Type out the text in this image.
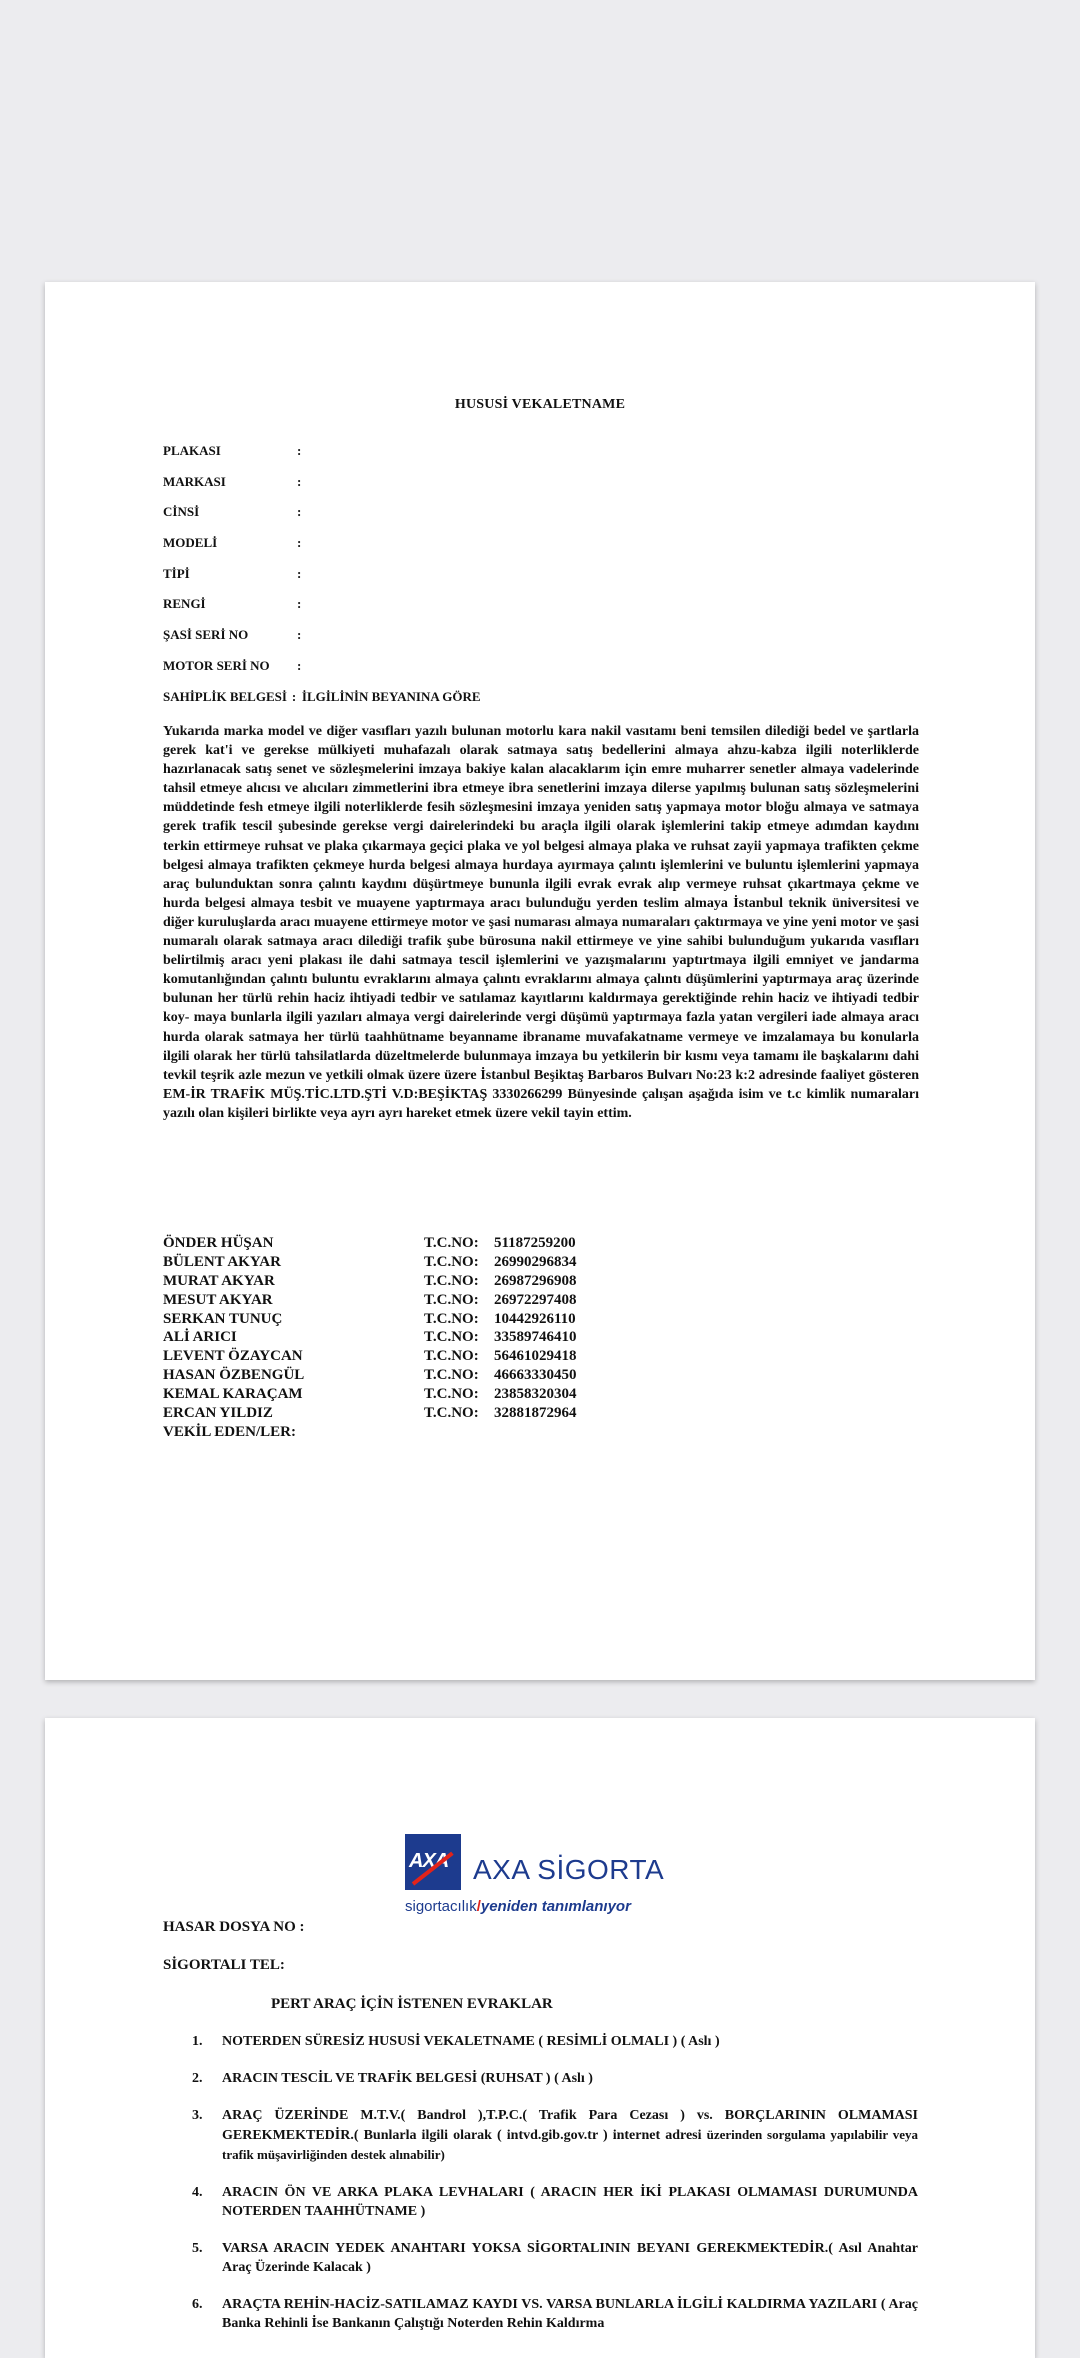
HUSUSİ VEKALETNAME
PLAKASI	:
MARKASI	:
CİNSİ	:
MODELİ	:
TİPİ	:
RENGİ	:
ŞASİ SERİ NO	:
MOTOR SERİ NO	:
SAHİPLİK BELGESİ : İLGİLİNİN BEYANINA GÖRE
Yukarıda marka model ve diğer vasıfları yazılı bulunan motorlu kara nakil vasıtamı beni temsilen dilediği bedel ve şartlarla gerek kat'i ve gerekse mülkiyeti muhafazalı olarak satmaya satış bedellerini almaya ahzu-kabza ilgili noterliklerde hazırlanacak satış senet ve sözleşmelerini imzaya bakiye kalan alacaklarım için emre muharrer senetler almaya vadelerinde tahsil etmeye alıcısı ve alıcıları zimmetlerini ibra etmeye ibra senetlerini imzaya dilerse yapılmış bulunan satış sözleşmelerini müddetinde fesh etmeye ilgili noterliklerde fesih sözleşmesini imzaya yeniden satış yapmaya motor bloğu almaya ve satmaya gerek trafik tescil şubesinde gerekse vergi dairelerindeki bu araçla ilgili olarak işlemlerini takip etmeye adımdan kaydını terkin ettirmeye ruhsat ve plaka çıkarmaya geçici plaka ve yol belgesi almaya plaka ve ruhsat zayii yapmaya trafikten çekme belgesi almaya trafikten çekmeye hurda belgesi almaya hurdaya ayırmaya çalıntı işlemlerini ve buluntu işlemlerini yapmaya araç bulunduktan sonra çalıntı kaydını düşürtmeye bununla ilgili evrak evrak alıp vermeye ruhsat çıkartmaya çekme ve hurda belgesi almaya tesbit ve muayene yaptırmaya aracı bulunduğu yerden teslim almaya İstanbul teknik üniversitesi ve diğer kuruluşlarda aracı muayene ettirmeye motor ve şasi numarası almaya numaraları çaktırmaya ve yine yeni motor ve şasi numaralı olarak satmaya aracı dilediği trafik şube bürosuna nakil ettirmeye ve yine sahibi bulunduğum yukarıda vasıfları belirtilmiş aracı yeni plakası ile dahi satmaya tescil işlemlerini ve yazışmalarını yaptırtmaya ilgili emniyet ve jandarma komutanlığından çalıntı buluntu evraklarını almaya çalıntı evraklarını almaya çalıntı düşümlerini yaptırmaya araç üzerinde bulunan her türlü rehin haciz ihtiyadi tedbir ve satılamaz kayıtlarını kaldırmaya gerektiğinde rehin haciz ve ihtiyadi tedbir koy- maya bunlarla ilgili yazıları almaya vergi dairelerinde vergi düşümü yaptırmaya fazla yatan vergileri iade almaya aracı hurda olarak satmaya her türlü taahhütname beyanname ibraname muvafakatname vermeye ve imzalamaya bu konularla ilgili olarak her türlü tahsilatlarda düzeltmelerde bulunmaya imzaya bu yetkilerin bir kısmı veya tamamı ile başkalarını dahi tevkil teşrik azle mezun ve yetkili olmak üzere üzere İstanbul Beşiktaş Barbaros Bulvarı No:23 k:2 adresinde faaliyet gösteren EM-İR TRAFİK MÜŞ.TİC.LTD.ŞTİ V.D:BEŞİKTAŞ 3330266299 Bünyesinde çalışan aşağıda isim ve t.c kimlik numaraları yazılı olan kişileri birlikte veya ayrı ayrı hareket etmek üzere vekil tayin ettim.
ÖNDER HÜŞAN	T.C.NO:	51187259200
BÜLENT AKYAR	T.C.NO:	26990296834
MURAT AKYAR	T.C.NO:	26987296908
MESUT AKYAR	T.C.NO:	26972297408
SERKAN TUNUÇ	T.C.NO:	10442926110
ALİ ARICI	T.C.NO:	33589746410
LEVENT ÖZAYCAN	T.C.NO:	56461029418
HASAN ÖZBENGÜL	T.C.NO:	46663330450
KEMAL KARAÇAM	T.C.NO:	23858320304
ERCAN YILDIZ	T.C.NO:	32881872964
VEKİL EDEN/LER:
AXA AXA SİGORTA
sigortacılık/yeniden tanımlanıyor
HASAR DOSYA NO :
SİGORTALI TEL:
PERT ARAÇ İÇİN İSTENEN EVRAKLAR
1. NOTERDEN SÜRESİZ HUSUSİ VEKALETNAME ( RESİMLİ OLMALI ) ( Aslı )
2. ARACIN TESCİL VE TRAFİK BELGESİ (RUHSAT ) ( Aslı )
3. ARAÇ ÜZERİNDE M.T.V.( Bandrol ),T.P.C.( Trafik Para Cezası ) vs. BORÇLARININ OLMAMASI GEREKMEKTEDİR.( Bunlarla ilgili olarak ( intvd.gib.gov.tr ) internet adresi üzerinden sorgulama yapılabilir veya trafik müşavirliğinden destek alınabilir)
4. ARACIN ÖN VE ARKA PLAKA LEVHALARI ( ARACIN HER İKİ PLAKASI OLMAMASI DURUMUNDA NOTERDEN TAAHHÜTNAME )
5. VARSA ARACIN YEDEK ANAHTARI YOKSA SİGORTALININ BEYANI GEREKMEKTEDİR.( Asıl Anahtar Araç Üzerinde Kalacak )
6. ARAÇTA REHİN-HACİZ-SATILAMAZ KAYDI VS. VARSA BUNLARLA İLGİLİ KALDIRMA YAZILARI ( Araç Banka Rehinli İse Bankanın Çalıştığı Noterden Rehin Kaldırma
